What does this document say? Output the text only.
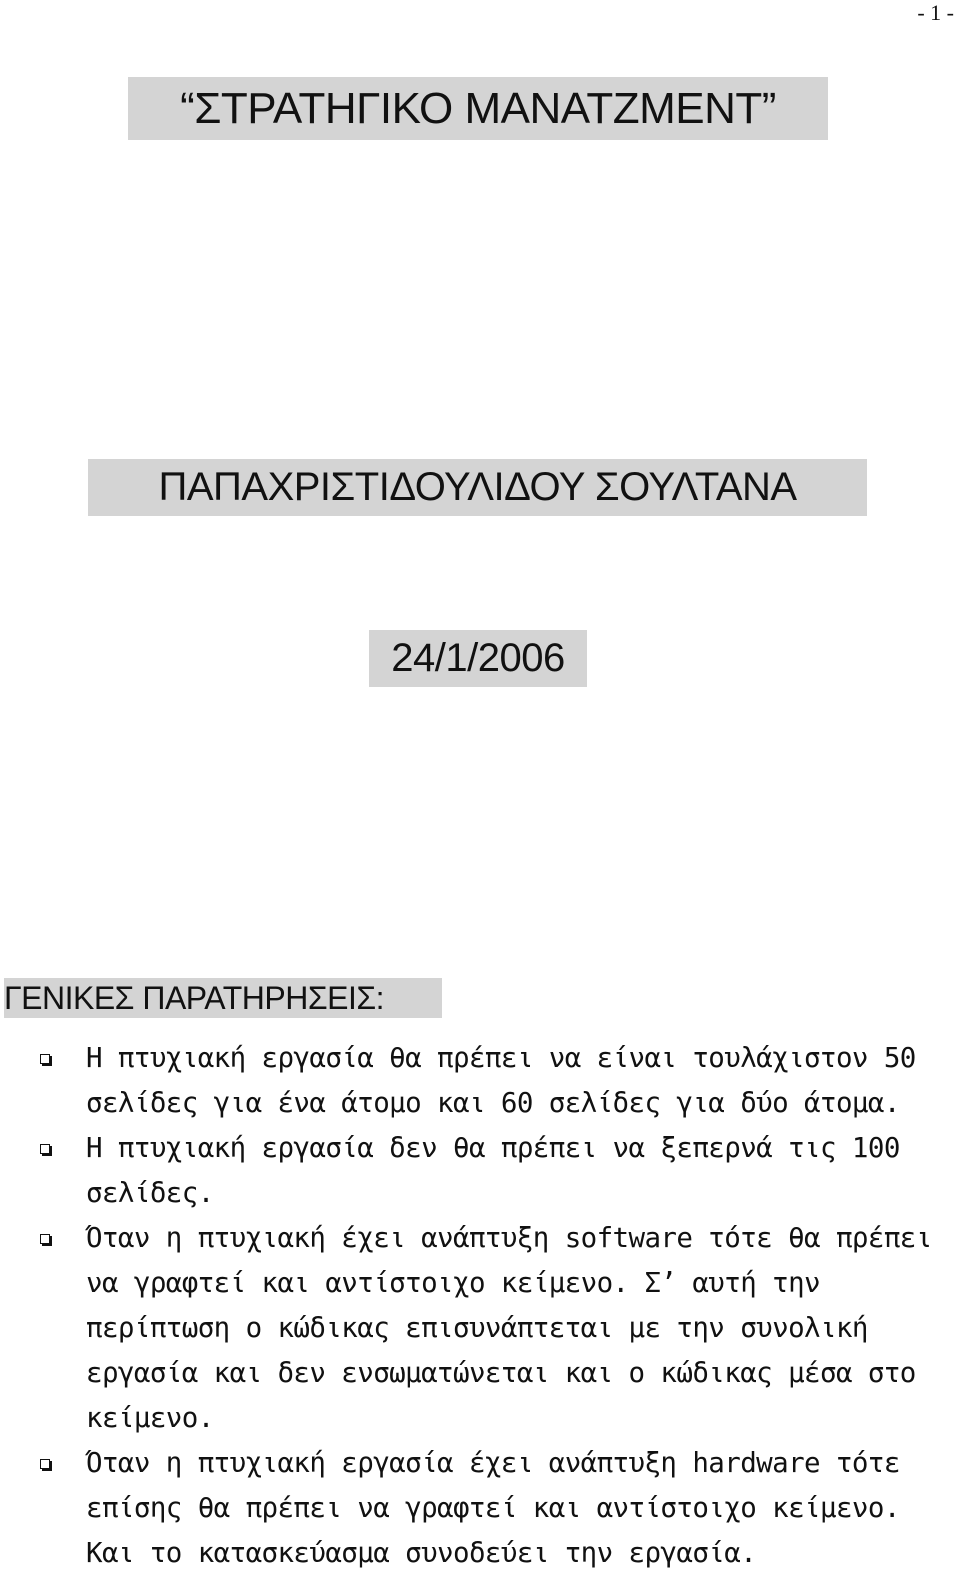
- 1 -
“ΣΤΡΑΤΗΓΙΚΟ ΜΑΝΑΤΖΜΕΝΤ”
ΠΑΠΑΧΡΙΣΤΙΔΟΥΛΙΔΟΥ ΣΟΥΛΤΑΝΑ
24/1/2006
ΓΕΝΙΚΕΣ ΠΑΡΑΤΗΡΗΣΕΙΣ:
Η πτυχιακή εργασία θα πρέπει να είναι τουλάχιστον 50 σελίδες για ένα άτομο και 60 σελίδες για δύο άτομα.
Η πτυχιακή εργασία δεν θα πρέπει να ξεπερνά τις 100 σελίδες.
Όταν η πτυχιακή έχει ανάπτυξη software τότε θα πρέπει να γραφτεί και αντίστοιχο κείμενο. Σ’ αυτή την περίπτωση ο κώδικας επισυνάπτεται με την συνολική εργασία και δεν ενσωματώνεται και ο κώδικας μέσα στο κείμενο.
Όταν η πτυχιακή εργασία έχει ανάπτυξη hardware τότε επίσης θα πρέπει να γραφτεί και αντίστοιχο κείμενο. Και το κατασκεύασμα συνοδεύει την εργασία.
